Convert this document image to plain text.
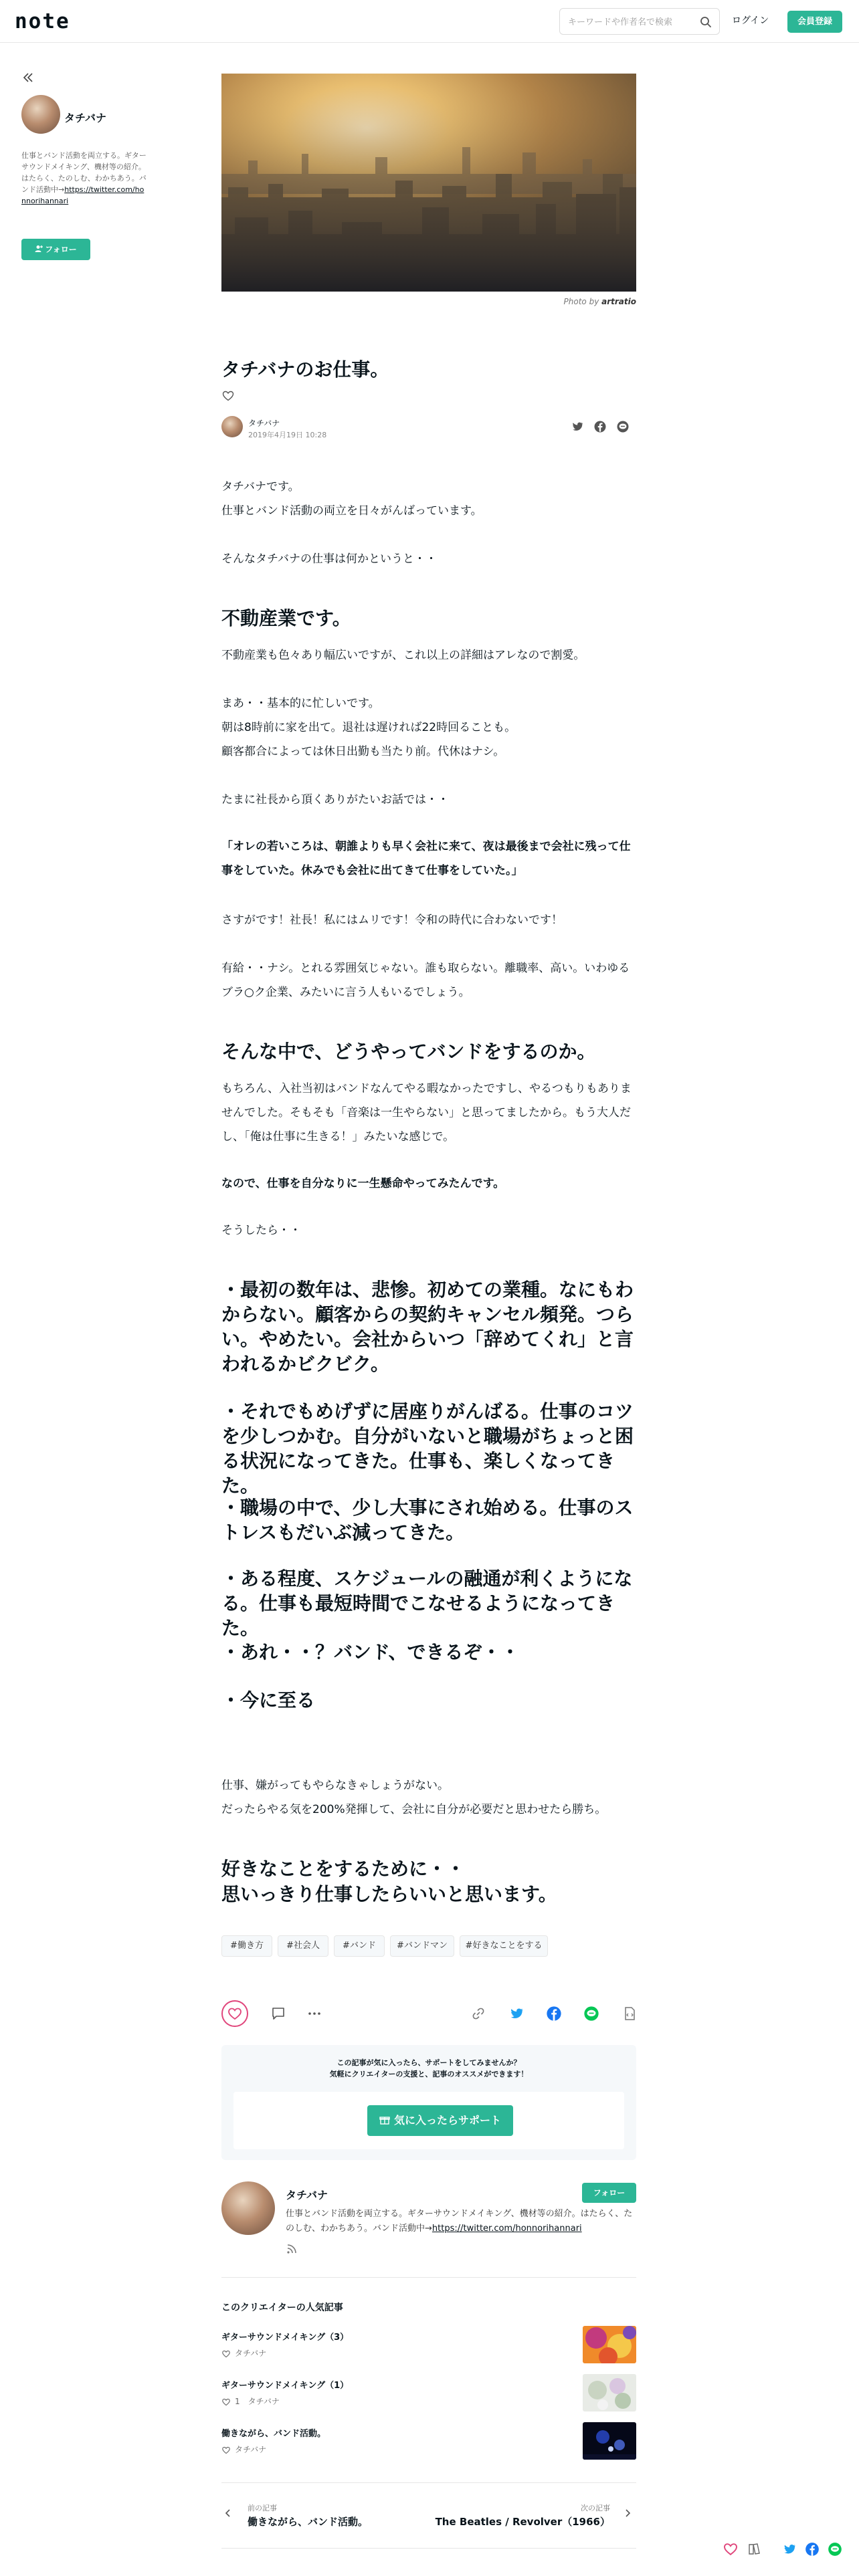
note
キーワードや作者名で検索	ログイン	会員登録
タチバナ
仕事とバンド活動を両立する。ギターサウンドメイキング、機材等の紹介。はたらく、たのしむ、わかちあう。バンド活動中→https://twitter.com/honnorihannari
フォロー
Photo by artratio
タチバナのお仕事。
タチバナ
2019年4月19日 10:28

タチバナです。

仕事とバンド活動の両立を日々がんばっています。

そんなタチバナの仕事は何かというと・・

不動産業です。

不動産業も色々あり幅広いですが、これ以上の詳細はアレなので割愛。

まあ・・基本的に忙しいです。

朝は8時前に家を出て。退社は遅ければ22時回ることも。

顧客都合によっては休日出勤も当たり前。代休はナシ。

たまに社長から頂くありがたいお話では・・

「オレの若いころは、朝誰よりも早く会社に来て、夜は最後まで会社に残って仕事をしていた。休みでも会社に出てきて仕事をしていた。」

さすがです！社長！私にはムリです！令和の時代に合わないです！

有給・・ナシ。とれる雰囲気じゃない。誰も取らない。離職率、高い。いわゆるブラ○ク企業、みたいに言う人もいるでしょう。

そんな中で、どうやってバンドをするのか。

もちろん、入社当初はバンドなんてやる暇なかったですし、やるつもりもありませんでした。そもそも「音楽は一生やらない」と思ってましたから。もう大人だし、「俺は仕事に生きる！」みたいな感じで。

なので、仕事を自分なりに一生懸命やってみたんです。
そうしたら・・
・最初の数年は、悲惨。初めての業種。なにもわからない。顧客からの契約キャンセル頻発。つらい。やめたい。会社からいつ「辞めてくれ」と言われるかビクビク。
・それでもめげずに居座りがんばる。仕事のコツを少しつかむ。自分がいないと職場がちょっと困る状況になってきた。仕事も、楽しくなってきた。
・職場の中で、少し大事にされ始める。仕事のストレスもだいぶ減ってきた。
・ある程度、スケジュールの融通が利くようになる。仕事も最短時間でこなせるようになってきた。
・あれ・・？バンド、できるぞ・・
・今に至る

仕事、嫌がってもやらなきゃしょうがない。

だったらやる気を200%発揮して、会社に自分が必要だと思わせたら勝ち。

好きなことをするために・・
思いっきり仕事したらいいと思います。
#働き方	#社会人	#バンド	#バンドマン	#好きなことをする
この記事が気に入ったら、サポートをしてみませんか？
気軽にクリエイターの支援と、記事のオススメができます！
気に入ったらサポート
タチバナ	フォロー
仕事とバンド活動を両立する。ギターサウンドメイキング、機材等の紹介。はたらく、たのしむ、わかちあう。バンド活動中→https://twitter.com/honnorihannari
このクリエイターの人気記事
ギターサウンドメイキング（3）
タチバナ
ギターサウンドメイキング（1）
1 タチバナ
働きながら、バンド活動。
タチバナ
前の記事
働きながら、バンド活動。
次の記事
The Beatles / Revolver（1966）
